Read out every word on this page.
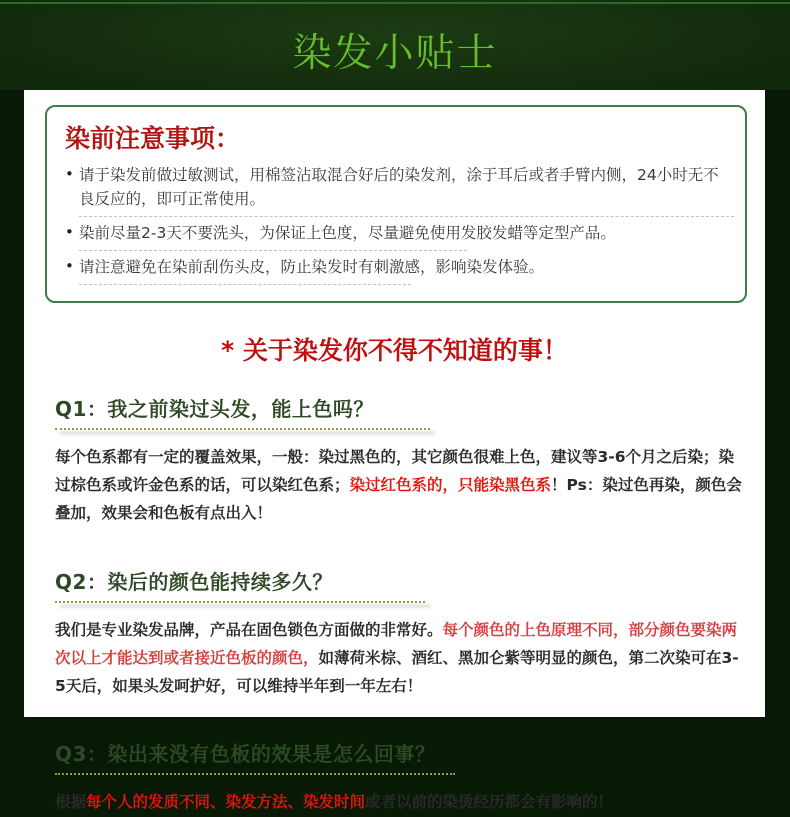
染发小贴士
染前注意事项：
• 请于染发前做过敏测试，用棉签沾取混合好后的染发剂，涂于耳后或者手臂内侧，24小时无不良反应的，即可正常使用。
• 染前尽量2-3天不要洗头，为保证上色度，尽量避免使用发胶发蜡等定型产品。
• 请注意避免在染前刮伤头皮，防止染发时有刺激感，影响染发体验。
* 关于染发你不得不知道的事！
Q1：我之前染过头发，能上色吗？

每个色系都有一定的覆盖效果，一般：染过黑色的，其它颜色很难上色，建议等3-6个月之后染；染过棕色系或许金色系的话，可以染红色系；染过红色系的，只能染黑色系！Ps：染过色再染，颜色会叠加，效果会和色板有点出入！

Q2：染后的颜色能持续多久？

我们是专业染发品牌，产品在固色锁色方面做的非常好。每个颜色的上色原理不同，部分颜色要染两次以上才能达到或者接近色板的颜色，如薄荷米棕、酒红、黑加仑紫等明显的颜色，第二次染可在3-5天后，如果头发呵护好，可以维持半年到一年左右！

Q3：染出来没有色板的效果是怎么回事？

根据每个人的发质不同、染发方法、染发时间或者以前的染烫经历都会有影响的！
